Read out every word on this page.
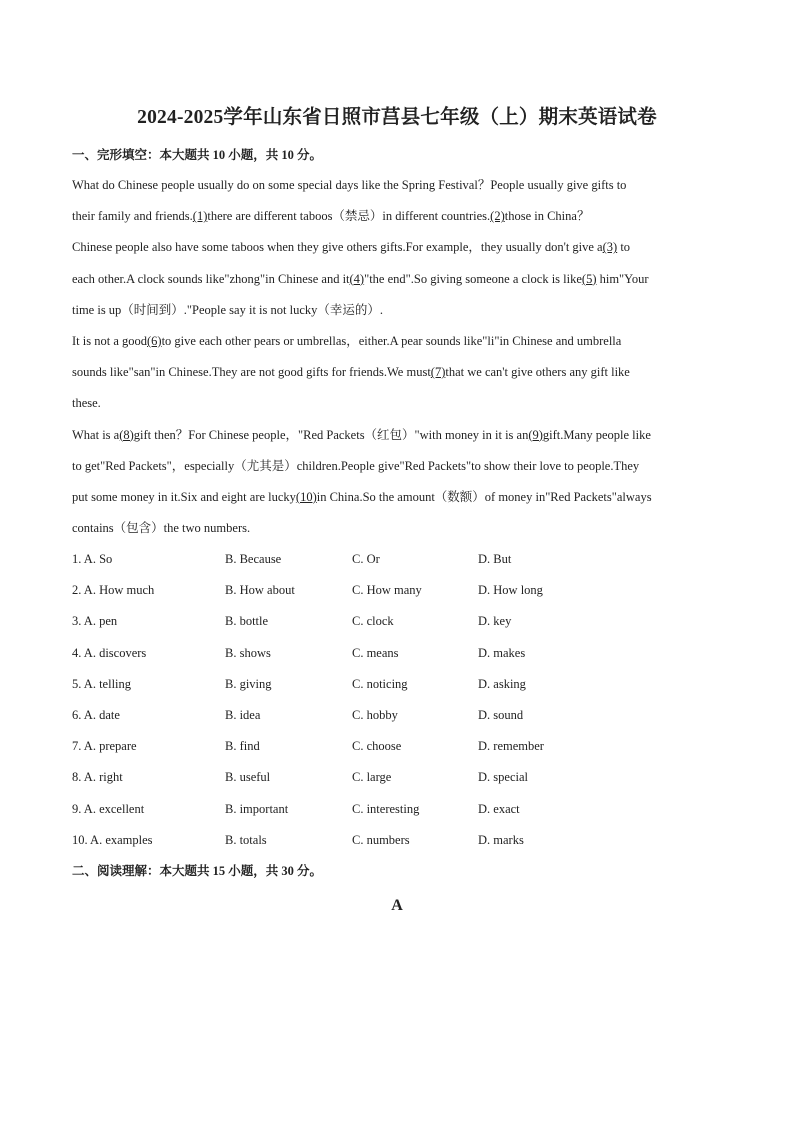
2024-2025学年山东省日照市莒县七年级（上）期末英语试卷
一、完形填空：本大题共 10 小题，共 10 分。
What do Chinese people usually do on some special days like the Spring Festival？People usually give gifts to
their family and friends.(1)there are different taboos（禁忌）in different countries.(2)those in China？
Chinese people also have some taboos when they give others gifts.For example，they usually don't give a(3) to
each other.A clock sounds like"zhong"in Chinese and it(4)"the end".So giving someone a clock is like(5) him"Your
time is up（时间到）."People say it is not lucky（幸运的）.
It is not a good(6)to give each other pears or umbrellas，either.A pear sounds like"li"in Chinese and umbrella
sounds like"san"in Chinese.They are not good gifts for friends.We must(7)that we can't give others any gift like
these.
What is a(8)gift then？For Chinese people，"Red Packets（红包）"with money in it is an(9)gift.Many people like
to get"Red Packets"，especially（尤其是）children.People give"Red Packets"to show their love to people.They
put some money in it.Six and eight are lucky(10)in China.So the amount（数额）of money in"Red Packets"always
contains（包含）the two numbers.
1. A. So	B. Because	C. Or	D. But
2. A. How much	B. How about	C. How many	D. How long
3. A. pen	B. bottle	C. clock	D. key
4. A. discovers	B. shows	C. means	D. makes
5. A. telling	B. giving	C. noticing	D. asking
6. A. date	B. idea	C. hobby	D. sound
7. A. prepare	B. find	C. choose	D. remember
8. A. right	B. useful	C. large	D. special
9. A. excellent	B. important	C. interesting	D. exact
10. A. examples	B. totals	C. numbers	D. marks
二、阅读理解：本大题共 15 小题，共 30 分。
A
